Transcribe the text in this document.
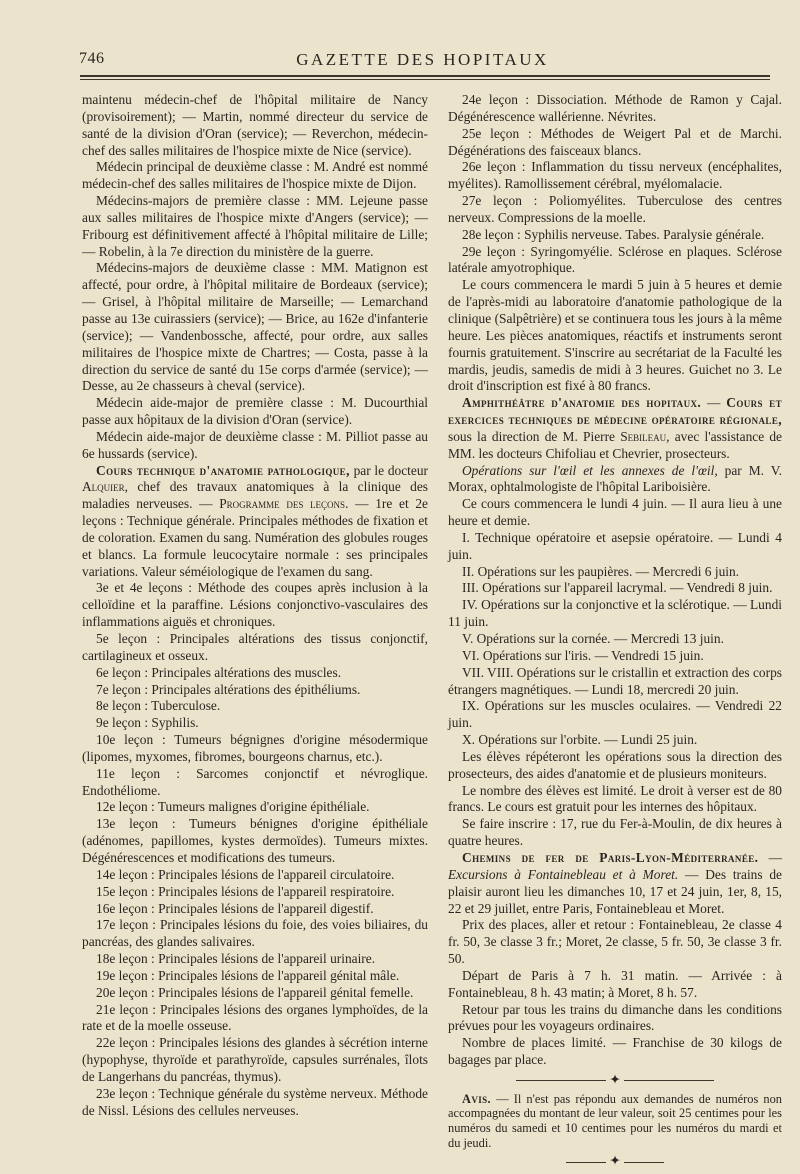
746	GAZETTE DES HOPITAUX

maintenu médecin-chef de l'hôpital militaire de Nancy (provisoirement); — Martin, nommé directeur du service de santé de la division d'Oran (service); — Reverchon, médecin-chef des salles militaires de l'hospice mixte de Nice (service).

Médecin principal de deuxième classe : M. André est nommé médecin-chef des salles militaires de l'hospice mixte de Dijon.

Médecins-majors de première classe : MM. Lejeune passe aux salles militaires de l'hospice mixte d'Angers (service); — Fribourg est définitivement affecté à l'hôpital militaire de Lille; — Robelin, à la 7e direction du ministère de la guerre.

Médecins-majors de deuxième classe : MM. Matignon est affecté, pour ordre, à l'hôpital militaire de Bordeaux (service); — Grisel, à l'hôpital militaire de Marseille; — Lemarchand passe au 13e cuirassiers (service); — Brice, au 162e d'infanterie (service); — Vandenbossche, affecté, pour ordre, aux salles militaires de l'hospice mixte de Chartres; — Costa, passe à la direction du service de santé du 15e corps d'armée (service); — Desse, au 2e chasseurs à cheval (service).

Médecin aide-major de première classe : M. Ducourthial passe aux hôpitaux de la division d'Oran (service).

Médecin aide-major de deuxième classe : M. Pilliot passe au 6e hussards (service).

Cours technique d'anatomie pathologique, par le docteur Alquier, chef des travaux anatomiques à la clinique des maladies nerveuses. — Programme des leçons. — 1re et 2e leçons : Technique générale. Principales méthodes de fixation et de coloration. Examen du sang. Numération des globules rouges et blancs. La formule leucocytaire normale : ses principales variations. Valeur séméiologique de l'examen du sang.

3e et 4e leçons : Méthode des coupes après inclusion à la celloïdine et la paraffine. Lésions conjonctivo-vasculaires des inflammations aiguës et chroniques.

5e leçon : Principales altérations des tissus conjonctif, cartilagineux et osseux.

6e leçon : Principales altérations des muscles.

7e leçon : Principales altérations des épithéliums.

8e leçon : Tuberculose.

9e leçon : Syphilis.

10e leçon : Tumeurs bégnignes d'origine mésodermique (lipomes, myxomes, fibromes, bourgeons charnus, etc.).

11e leçon : Sarcomes conjonctif et névroglique. Endothéliome.

12e leçon : Tumeurs malignes d'origine épithéliale.

13e leçon : Tumeurs bénignes d'origine épithéliale (adénomes, papillomes, kystes dermoïdes). Tumeurs mixtes. Dégénérescences et modifications des tumeurs.

14e leçon : Principales lésions de l'appareil circulatoire.

15e leçon : Principales lésions de l'appareil respiratoire.

16e leçon : Principales lésions de l'appareil digestif.

17e leçon : Principales lésions du foie, des voies biliaires, du pancréas, des glandes salivaires.

18e leçon : Principales lésions de l'appareil urinaire.

19e leçon : Principales lésions de l'appareil génital mâle.

20e leçon : Principales lésions de l'appareil génital femelle.

21e leçon : Principales lésions des organes lymphoïdes, de la rate et de la moelle osseuse.

22e leçon : Principales lésions des glandes à sécrétion interne (hypophyse, thyroïde et parathyroïde, capsules surrénales, îlots de Langerhans du pancréas, thymus).

23e leçon : Technique générale du système nerveux. Méthode de Nissl. Lésions des cellules nerveuses.

24e leçon : Dissociation. Méthode de Ramon y Cajal. Dégénérescence wallérienne. Névrites.

25e leçon : Méthodes de Weigert Pal et de Marchi. Dégénérations des faisceaux blancs.

26e leçon : Inflammation du tissu nerveux (encéphalites, myélites). Ramollissement cérébral, myélomalacie.

27e leçon : Poliomyélites. Tuberculose des centres nerveux. Compressions de la moelle.

28e leçon : Syphilis nerveuse. Tabes. Paralysie générale.

29e leçon : Syringomyélie. Sclérose en plaques. Sclérose latérale amyotrophique.

Le cours commencera le mardi 5 juin à 5 heures et demie de l'après-midi au laboratoire d'anatomie pathologique de la clinique (Salpêtrière) et se continuera tous les jours à la même heure. Les pièces anatomiques, réactifs et instruments seront fournis gratuitement. S'inscrire au secrétariat de la Faculté les mardis, jeudis, samedis de midi à 3 heures. Guichet no 3. Le droit d'inscription est fixé à 80 francs.

Amphithéâtre d'anatomie des hopitaux. — Cours et exercices techniques de médecine opératoire régionale, sous la direction de M. Pierre Sebileau, avec l'assistance de MM. les docteurs Chifoliau et Chevrier, prosecteurs.

Opérations sur l'œil et les annexes de l'œil, par M. V. Morax, ophtalmologiste de l'hôpital Lariboisière.

Ce cours commencera le lundi 4 juin. — Il aura lieu à une heure et demie.

I. Technique opératoire et asepsie opératoire. — Lundi 4 juin.

II. Opérations sur les paupières. — Mercredi 6 juin.

III. Opérations sur l'appareil lacrymal. — Vendredi 8 juin.

IV. Opérations sur la conjonctive et la sclérotique. — Lundi 11 juin.

V. Opérations sur la cornée. — Mercredi 13 juin.

VI. Opérations sur l'iris. — Vendredi 15 juin.

VII. VIII. Opérations sur le cristallin et extraction des corps étrangers magnétiques. — Lundi 18, mercredi 20 juin.

IX. Opérations sur les muscles oculaires. — Vendredi 22 juin.

X. Opérations sur l'orbite. — Lundi 25 juin.

Les élèves répéteront les opérations sous la direction des prosecteurs, des aides d'anatomie et de plusieurs moniteurs.

Le nombre des élèves est limité. Le droit à verser est de 80 francs. Le cours est gratuit pour les internes des hôpitaux.

Se faire inscrire : 17, rue du Fer-à-Moulin, de dix heures à quatre heures.

Chemins de fer de Paris-Lyon-Méditerranée. — Excursions à Fontainebleau et à Moret. — Des trains de plaisir auront lieu les dimanches 10, 17 et 24 juin, 1er, 8, 15, 22 et 29 juillet, entre Paris, Fontainebleau et Moret.

Prix des places, aller et retour : Fontainebleau, 2e classe 4 fr. 50, 3e classe 3 fr.; Moret, 2e classe, 5 fr. 50, 3e classe 3 fr. 50.

Départ de Paris à 7 h. 31 matin. — Arrivée : à Fontainebleau, 8 h. 43 matin; à Moret, 8 h. 57.

Retour par tous les trains du dimanche dans les conditions prévues pour les voyageurs ordinaires.

Nombre de places limité. — Franchise de 30 kilogs de bagages par place.

✦

Avis. — Il n'est pas répondu aux demandes de numéros non accompagnées du montant de leur valeur, soit 25 centimes pour les numéros du samedi et 10 centimes pour les numéros du mardi et du jeudi.

✦
